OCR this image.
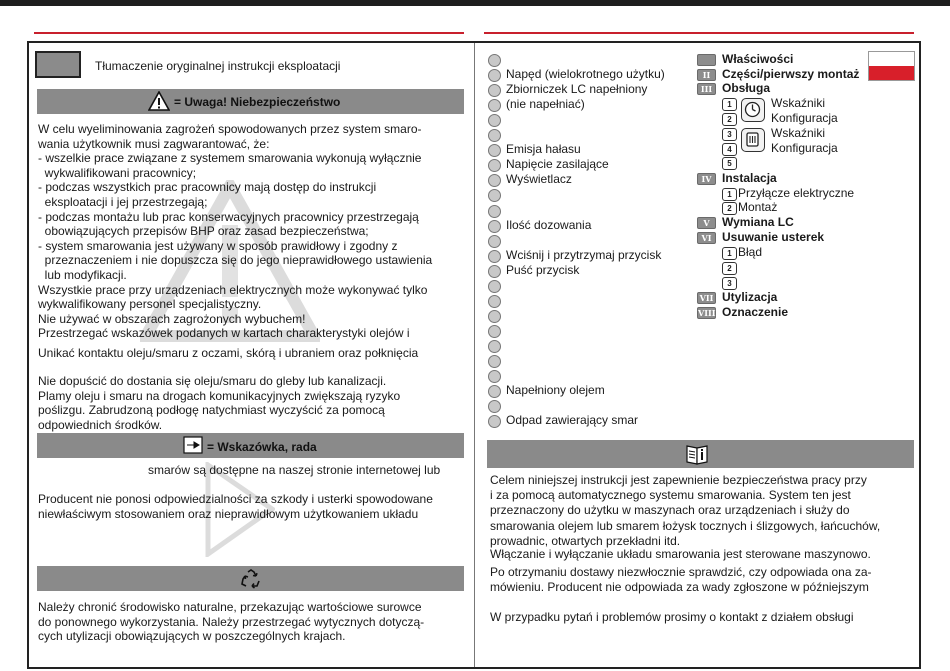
Tłumaczenie oryginalnej instrukcji eksploatacji
= Uwaga! Niebezpieczeństwo
W celu wyeliminowania zagrożeń spowodowanych przez system smaro-
wania użytkownik musi zagwarantować, że:
- wszelkie prace związane z systemem smarowania wykonują wyłącznie
wykwalifikowani pracownicy;
- podczas wszystkich prac pracownicy mają dostęp do instrukcji
eksploatacji i jej przestrzegają;
- podczas montażu lub prac konserwacyjnych pracownicy przestrzegają
obowiązujących przepisów BHP oraz zasad bezpieczeństwa;
- system smarowania jest używany w sposób prawidłowy i zgodny z
przeznaczeniem i nie dopuszcza się do jego nieprawidłowego ustawienia
lub modyfikacji.
Wszystkie prace przy urządzeniach elektrycznych może wykonywać tylko
wykwalifikowany personel specjalistyczny.
Nie używać w obszarach zagrożonych wybuchem!
Przestrzegać wskazówek podanych w kartach charakterystyki olejów i
Unikać kontaktu oleju/smaru z oczami, skórą i ubraniem oraz połknięcia
Nie dopuścić do dostania się oleju/smaru do gleby lub kanalizacji.
Plamy oleju i smaru na drogach komunikacyjnych zwiększają ryzyko
poślizgu. Zabrudzoną podłogę natychmiast wyczyścić za pomocą
odpowiednich środków.
= Wskazówka, rada
smarów są dostępne na naszej stronie internetowej lub
Producent nie ponosi odpowiedzialności za szkody i usterki spowodowane
niewłaściwym stosowaniem oraz nieprawidłowym użytkowaniem układu
Należy chronić środowisko naturalne, przekazując wartościowe surowce
do ponownego wykorzystania. Należy przestrzegać wytycznych dotyczą-
cych utylizacji obowiązujących w poszczególnych krajach.
Napęd (wielokrotnego użytku)
Zbiorniczek LC napełniony
(nie napełniać)
Emisja hałasu
Napięcie zasilające
Wyświetlacz
Ilość dozowania
Wciśnij i przytrzymaj przycisk
Puść przycisk
Napełniony olejem
Odpad zawierający smar
Właściwości
II Części/pierwszy montaż
III Obsługa
1	Wskaźniki
2	Konfiguracja
3	Wskaźniki
4	Konfiguracja
5
IV Instalacja
1 Przyłącze elektryczne
2 Montaż
V	Wymiana LC
VI Usuwanie usterek
1 Błąd
2
3
VII Utylizacja
VIII Oznaczenie
Celem niniejszej instrukcji jest zapewnienie bezpieczeństwa pracy przy
i za pomocą automatycznego systemu smarowania. System ten jest
przeznaczony do użytku w maszynach oraz urządzeniach i służy do
smarowania olejem lub smarem łożysk tocznych i ślizgowych, łańcuchów,
prowadnic, otwartych przekładni itd.
Włączanie i wyłączanie układu smarowania jest sterowane maszynowo.
Po otrzymaniu dostawy niezwłocznie sprawdzić, czy odpowiada ona za-
mówieniu. Producent nie odpowiada za wady zgłoszone w późniejszym
W przypadku pytań i problemów prosimy o kontakt z działem obsługi
